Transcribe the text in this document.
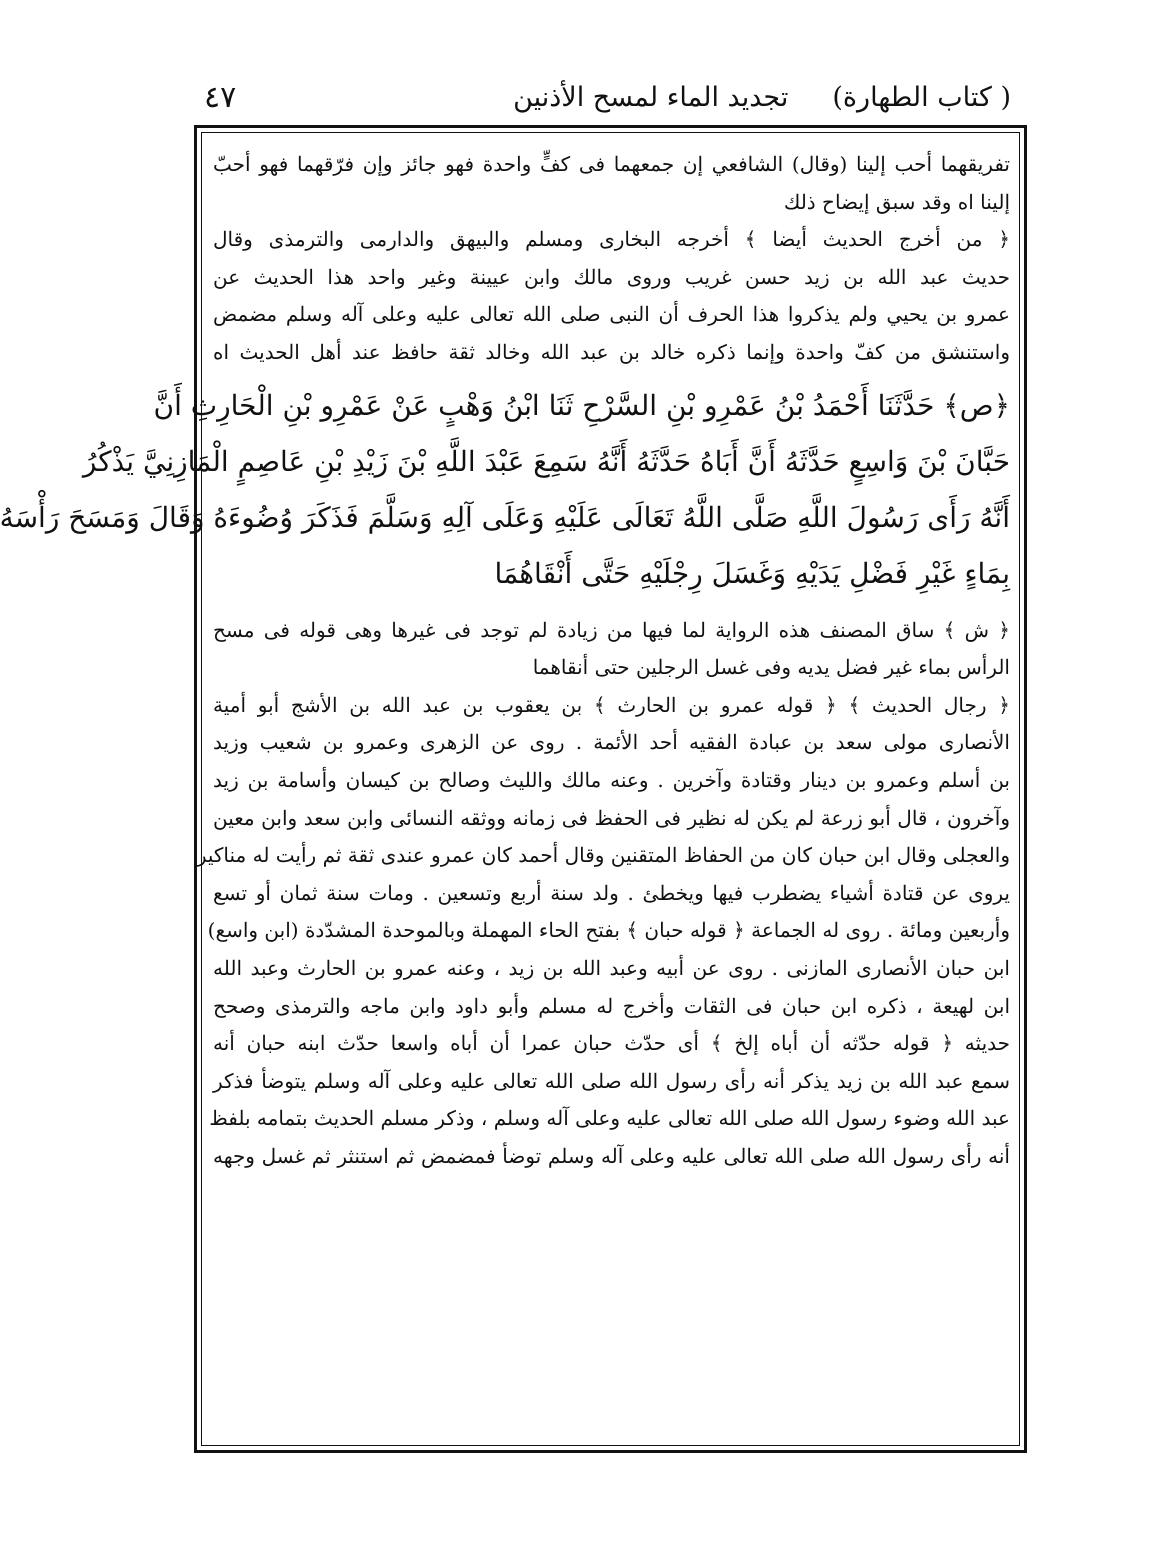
( كتاب الطهارة)
تجديد الماء لمسح الأذنين
٤٧
تفريقهما أحب إلينا (وقال) الشافعي إن جمعهما فى كفٍّ واحدة فهو جائز وإن فرّقهما فهو أحبّ
إلينا اه وقد سبق إيضاح ذلك
﴿ من أخرج الحديث أيضا ﴾ أخرجه البخارى ومسلم والبيهق والدارمى والترمذى وقال
حديث عبد الله بن زيد حسن غريب وروى مالك وابن عيينة وغير واحد هذا الحديث عن
عمرو بن يحيي ولم يذكروا هذا الحرف أن النبى صلى الله تعالى عليه وعلى آله وسلم مضمض
واستنشق من كفّ واحدة وإنما ذكره خالد بن عبد الله وخالد ثقة حافظ عند أهل الحديث اه
﴿ص﴾ حَدَّثَنَا أَحْمَدُ بْنُ عَمْرِو بْنِ السَّرْحِ ثَنَا ابْنُ وَهْبٍ عَنْ عَمْرِو بْنِ الْحَارِثِ أَنَّ
حَبَّانَ بْنَ وَاسِعٍ حَدَّثَهُ أَنَّ أَبَاهُ حَدَّثَهُ أَنَّهُ سَمِعَ عَبْدَ اللَّهِ بْنَ زَيْدِ بْنِ عَاصِمٍ الْمَازِنِيَّ يَذْكُرُ
أَنَّهُ رَأَى رَسُولَ اللَّهِ صَلَّى اللَّهُ تَعَالَى عَلَيْهِ وَعَلَى آلِهِ وَسَلَّمَ فَذَكَرَ وُضُوءَهُ وَقَالَ وَمَسَحَ رَأْسَهُ
بِمَاءٍ غَيْرِ فَضْلِ يَدَيْهِ وَغَسَلَ رِجْلَيْهِ حَتَّى أَنْقَاهُمَا
﴿ ش ﴾ ساق المصنف هذه الرواية لما فيها من زيادة لم توجد فى غيرها وهى قوله فى مسح
الرأس بماء غير فضل يديه وفى غسل الرجلين حتى أنقاهما
﴿ رجال الحديث ﴾ ﴿ قوله عمرو بن الحارث ﴾ بن يعقوب بن عبد الله بن الأشج أبو أمية
الأنصارى مولى سعد بن عبادة الفقيه أحد الأئمة . روى عن الزهرى وعمرو بن شعيب وزيد
بن أسلم وعمرو بن دينار وقتادة وآخرين . وعنه مالك والليث وصالح بن كيسان وأسامة بن زيد
وآخرون ، قال أبو زرعة لم يكن له نظير فى الحفظ فى زمانه ووثقه النسائى وابن سعد وابن معين
والعجلى وقال ابن حبان كان من الحفاظ المتقنين وقال أحمد كان عمرو عندى ثقة ثم رأيت له مناكير
يروى عن قتادة أشياء يضطرب فيها ويخطئ . ولد سنة أربع وتسعين . ومات سنة ثمان أو تسع
وأربعين ومائة . روى له الجماعة ﴿ قوله حبان ﴾ بفتح الحاء المهملة وبالموحدة المشدّدة (ابن واسع)
ابن حبان الأنصارى المازنى . روى عن أبيه وعبد الله بن زيد ، وعنه عمرو بن الحارث وعبد الله
ابن لهيعة ، ذكره ابن حبان فى الثقات وأخرج له مسلم وأبو داود وابن ماجه والترمذى وصحح
حديثه ﴿ قوله حدّثه أن أباه إلخ ﴾ أى حدّث حبان عمرا أن أباه واسعا حدّث ابنه حبان أنه
سمع عبد الله بن زيد يذكر أنه رأى رسول الله صلى الله تعالى عليه وعلى آله وسلم يتوضأ فذكر
عبد الله وضوء رسول الله صلى الله تعالى عليه وعلى آله وسلم ، وذكر مسلم الحديث بتمامه بلفظ
أنه رأى رسول الله صلى الله تعالى عليه وعلى آله وسلم توضأ فمضمض ثم استنثر ثم غسل وجهه
